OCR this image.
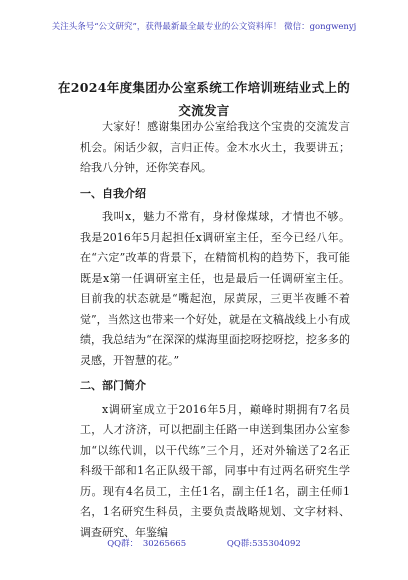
关注头条号“公文研究”，获得最新最全最专业的公文资料库！ 微信：gongwenyj
在2024年度集团办公室系统工作培训班结业式上的交流发言

大家好！感谢集团办公室给我这个宝贵的交流发言机会。闲话少叙，言归正传。金木水火土，我要讲五；给我八分钟，还你笑春风。

一、自我介绍

我叫x，魅力不常有，身材像煤球，才情也不够。我是2016年5月起担任x调研室主任，至今已经八年。在“六定”改革的背景下，在精简机构的趋势下，我可能既是x第一任调研室主任，也是最后一任调研室主任。目前我的状态就是“嘴起泡，尿黄尿，三更半夜睡不着觉”，当然这也带来一个好处，就是在文稿战线上小有成绩，我总结为“在深深的煤海里面挖呀挖呀挖，挖多多的灵感，开智慧的花。”

二、部门简介

x调研室成立于2016年5月，巅峰时期拥有7名员工，人才济济，可以把副主任路一申送到集团办公室参加“以练代训，以干代练”三个月，还对外输送了2名正科级干部和1名正队级干部，同事中有过两名研究生学历。现有4名员工，主任1名，副主任1名，副主任师1名，1名研究生科员，主要负责战略规划、文字材料、调查研究、年鉴编

QQ群： 30265665	QQ群:535304092
